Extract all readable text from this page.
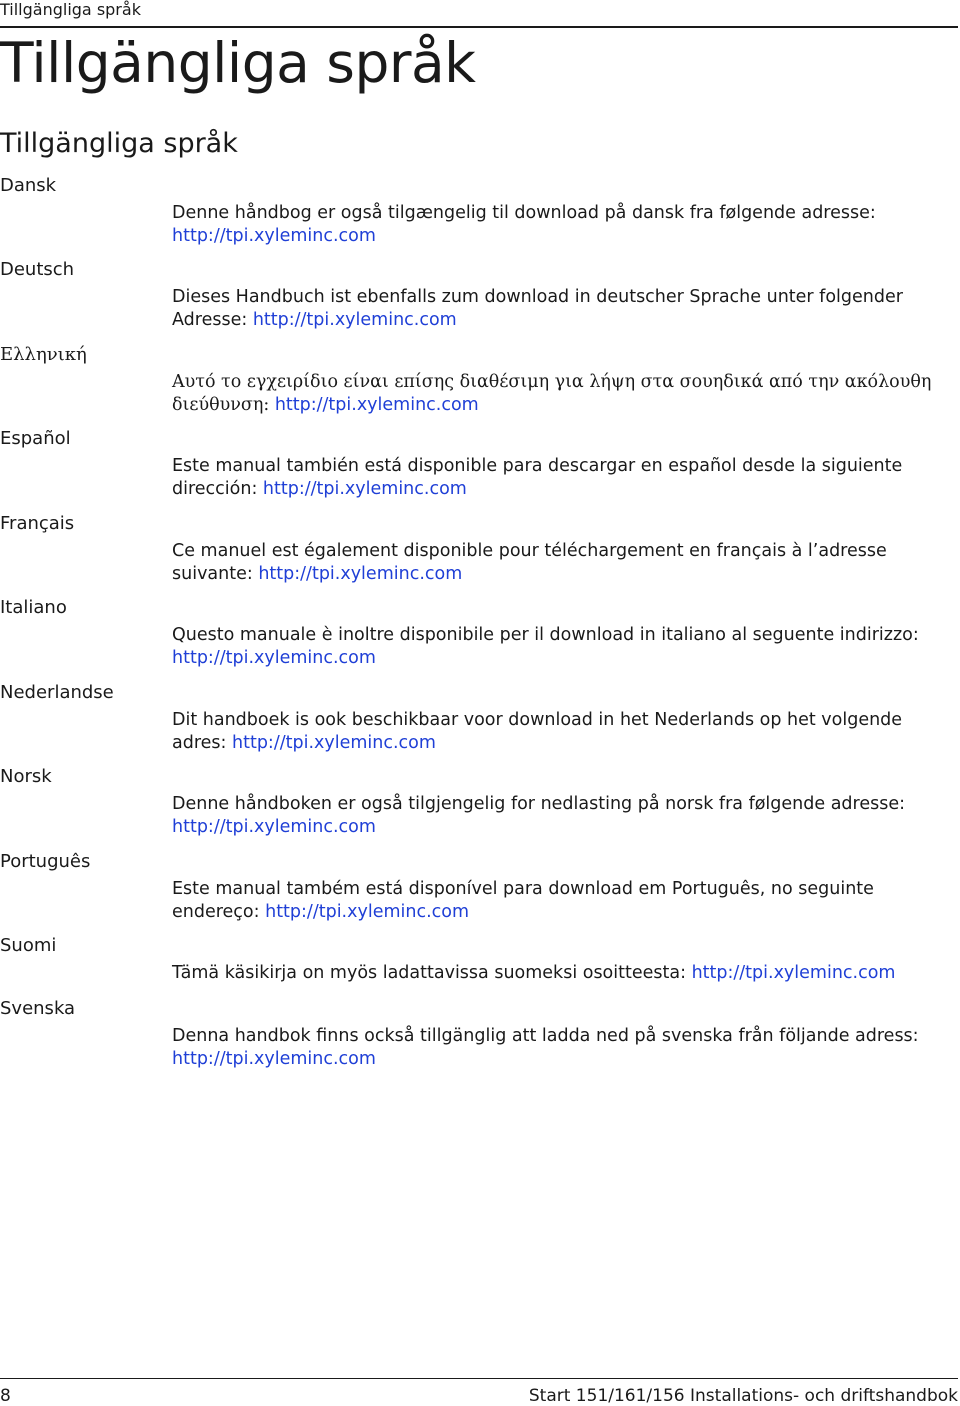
Tillgängliga språk
Tillgängliga språk
Tillgängliga språk
Dansk
Denne håndbog er også tilgængelig til download på dansk fra følgende adresse: http://tpi.xyleminc.com
Deutsch
Dieses Handbuch ist ebenfalls zum download in deutscher Sprache unter folgender Adresse: http://tpi.xyleminc.com
Ελληνική
Αυτό το εγχειρίδιο είναι επίσης διαθέσιμη για λήψη στα σουηδικά από την ακόλουθη διεύθυνση: http://tpi.xyleminc.com
Español
Este manual también está disponible para descargar en español desde la siguiente dirección: http://tpi.xyleminc.com
Français
Ce manuel est également disponible pour téléchargement en français à l’adresse suivante: http://tpi.xyleminc.com
Italiano
Questo manuale è inoltre disponibile per il download in italiano al seguente indirizzo: http://tpi.xyleminc.com
Nederlandse
Dit handboek is ook beschikbaar voor download in het Nederlands op het volgende adres: http://tpi.xyleminc.com
Norsk
Denne håndboken er også tilgjengelig for nedlasting på norsk fra følgende adresse: http://tpi.xyleminc.com
Português
Este manual também está disponível para download em Português, no seguinte endereço: http://tpi.xyleminc.com
Suomi
Tämä käsikirja on myös ladattavissa suomeksi osoitteesta: http://tpi.xyleminc.com
Svenska
Denna handbok finns också tillgänglig att ladda ned på svenska från följande adress: http://tpi.xyleminc.com
8	Start 151/161/156 Installations- och driftshandbok
